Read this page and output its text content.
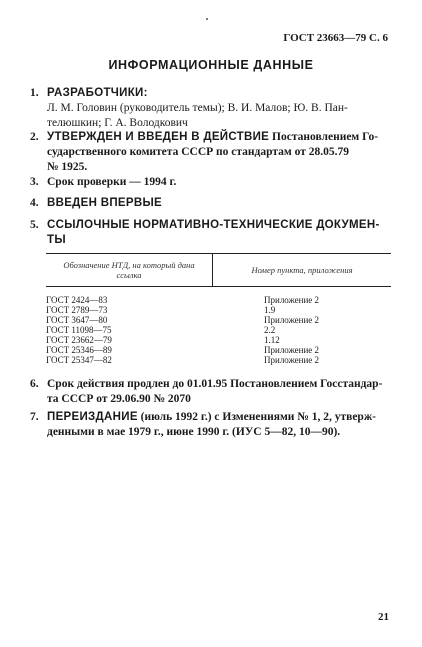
ГОСТ 23663—79 С. 6
ИНФОРМАЦИОННЫЕ ДАННЫЕ
1. РАЗРАБОТЧИКИ:
Л. М. Головин (руководитель темы); В. И. Малов; Ю. В. Пан-
телюшкин; Г. А. Володкович
2. УТВЕРЖДЕН И ВВЕДЕН В ДЕЙСТВИЕ Постановлением Го-
сударственного комитета СССР по стандартам от 28.05.79
№ 1925.
3. Срок проверки — 1994 г.
4. ВВЕДЕН ВПЕРВЫЕ
5. ССЫЛОЧНЫЕ НОРМАТИВНО-ТЕХНИЧЕСКИЕ ДОКУМЕН-
ТЫ
Обозначение НТД, на который дана ссылка	Номер пункта, приложения
ГОСТ 2424—83	Приложение 2
ГОСТ 2789—73	1.9
ГОСТ 3647—80	Приложение 2
ГОСТ 11098—75	2.2
ГОСТ 23662—79	1.12
ГОСТ 25346—89	Приложение 2
ГОСТ 25347—82	Приложение 2
6. Срок действия продлен до 01.01.95 Постановлением Госстандар-
та СССР от 29.06.90 № 2070
7. ПЕРЕИЗДАНИЕ (июль 1992 г.) с Изменениями № 1, 2, утверж-
денными в мае 1979 г., июне 1990 г. (ИУС 5—82, 10—90).
21
